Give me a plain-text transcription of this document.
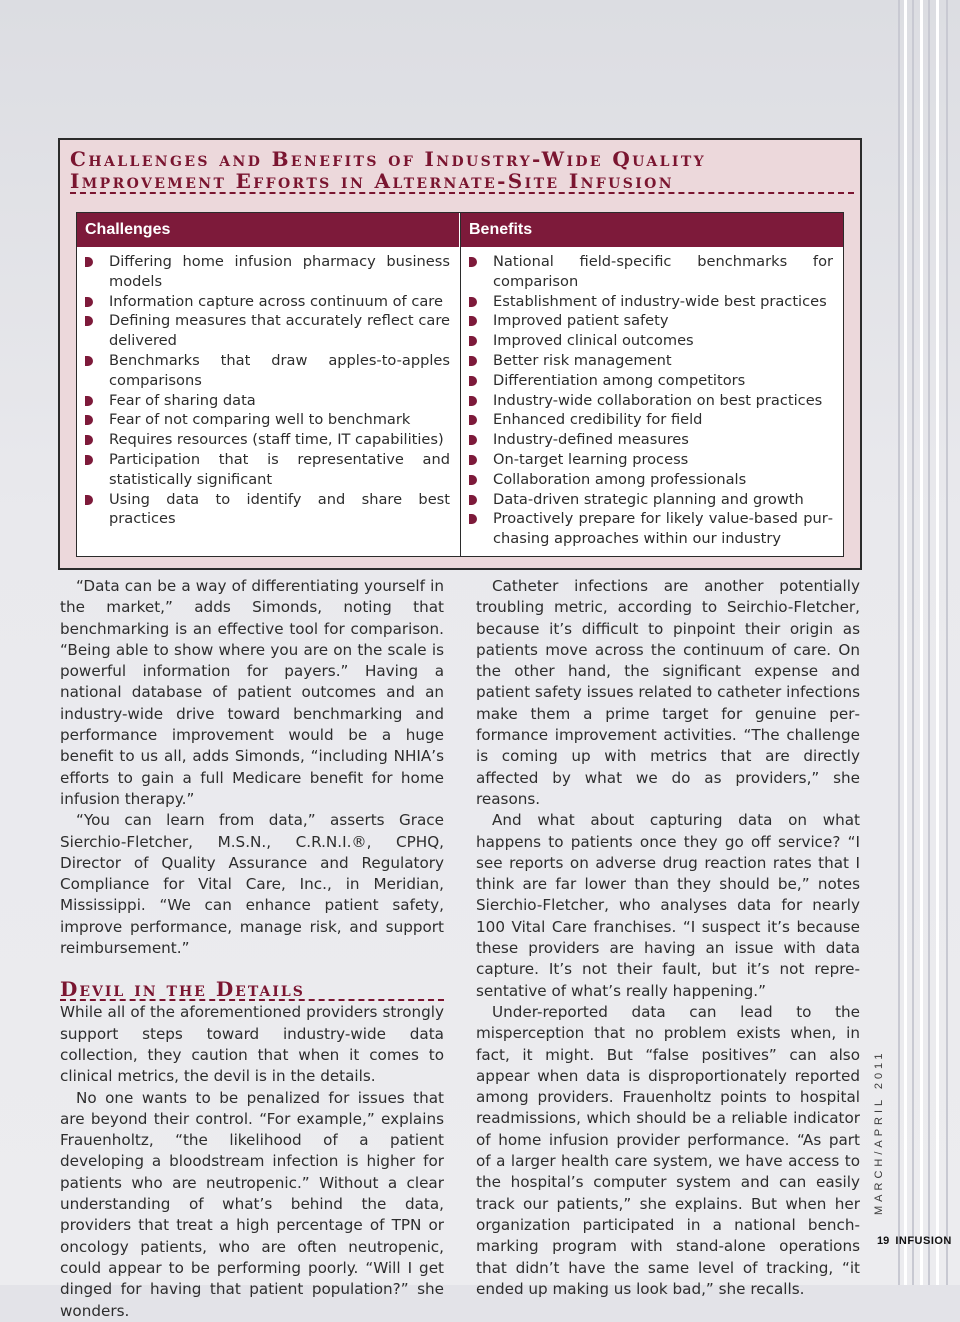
Challenges and Benefits of Industry-Wide Quality
Improvement Efforts in Alternate-Site Infusion
Challenges
Differing home infusion pharmacy business models
Information capture across continuum of care
Defining measures that accurately reflect care delivered
Benchmarks that draw apples-to-apples comparisons
Fear of sharing data
Fear of not comparing well to benchmark
Requires resources (staff time, IT capabilities)
Participation that is representative and statistically significant
Using data to identify and share best practices
Benefits
National field-specific benchmarks for comparison
Establishment of industry-wide best practices
Improved patient safety
Improved clinical outcomes
Better risk management
Differentiation among competitors
Industry-wide collaboration on best practices
Enhanced credibility for field
Industry-defined measures
On-target learning process
Collaboration among professionals
Data-driven strategic planning and growth
Proactively prepare for likely value-based purchasing approaches within our industry

“Data can be a way of differentiating yourself in the market,” adds Simonds, noting that benchmarking is an effective tool for comparison. “Being able to show where you are on the scale is powerful information for payers.” Having a national database of patient outcomes and an industry-wide drive toward benchmarking and performance improvement would be a huge benefit to us all, adds Simonds, “including NHIA’s efforts to gain a full Medicare benefit for home infusion therapy.”

“You can learn from data,” asserts Grace Sierchio-Fletcher, M.S.N., C.R.N.I.®, CPHQ, Director of Quality Assurance and Regulatory Compliance for Vital Care, Inc., in Meridian, Mississippi. “We can enhance patient safety, improve performance, manage risk, and support reimbursement.”

Devil in the Details

While all of the aforementioned providers strongly support steps toward industry-wide data collection, they caution that when it comes to clinical metrics, the devil is in the details.

No one wants to be penalized for issues that are beyond their control. “For example,” explains Frauenholtz, “the likelihood of a patient developing a bloodstream infection is higher for patients who are neutropenic.” Without a clear understanding of what’s behind the data, providers that treat a high percentage of TPN or oncology patients, who are often neutropenic, could appear to be performing poorly. “Will I get dinged for having that patient population?” she wonders.

Catheter infections are another potentially troubling metric, according to Seirchio-Fletcher, because it’s difficult to pinpoint their origin as patients move across the continuum of care. On the other hand, the significant expense and patient safety issues related to catheter infections make them a prime target for genuine performance improvement activities. “The challenge is coming up with metrics that are directly affected by what we do as providers,” she reasons.

And what about capturing data on what happens to patients once they go off service? “I see reports on adverse drug reaction rates that I think are far lower than they should be,” notes Sierchio-Fletcher, who analyses data for nearly 100 Vital Care franchises. “I suspect it’s because these providers are having an issue with data capture. It’s not their fault, but it’s not representative of what’s really happening.”

Under-reported data can lead to the misperception that no problem exists when, in fact, it might. But “false positives” can also appear when data is disproportionately reported among providers. Frauenholtz points to hospital readmissions, which should be a reliable indicator of home infusion provider performance. “As part of a larger health care system, we have access to the hospital’s computer system and can easily track our patients,” she explains. But when her organization participated in a national benchmarking program with stand-alone operations that didn’t have the same level of tracking, “it ended up making us look bad,” she recalls.

MARCH/APRIL 2011
19 INFUSION
